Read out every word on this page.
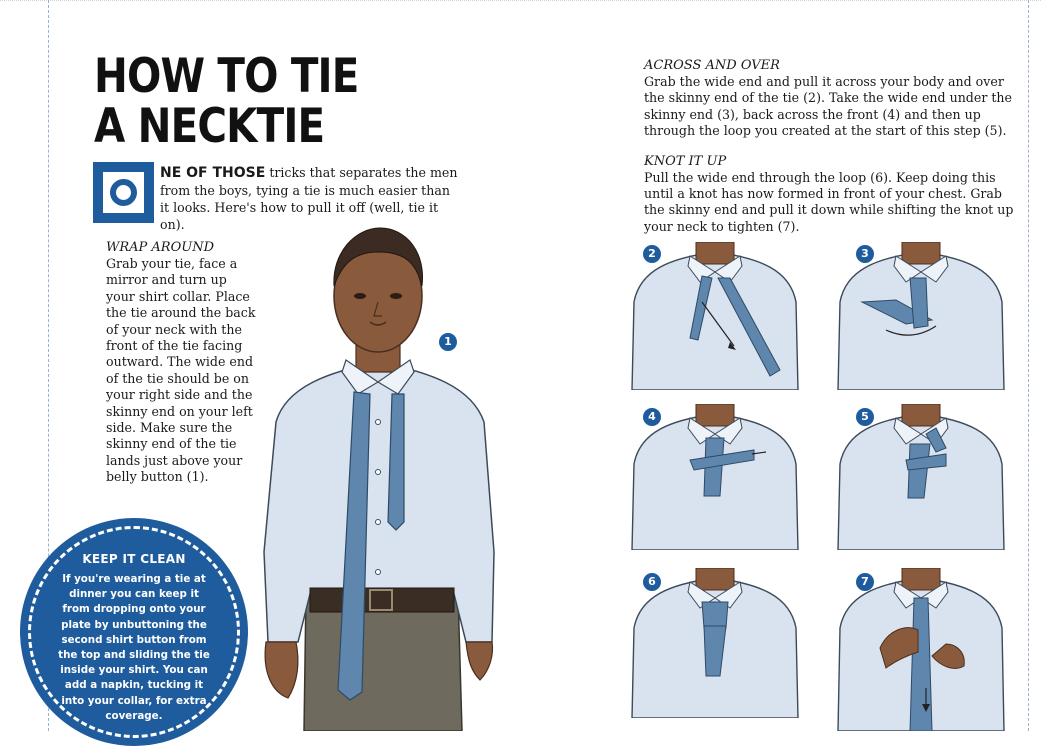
HOW TO TIE
A NECKTIE
NE OF THOSE tricks that separates the men from the boys, tying a tie is much easier than it looks. Here's how to pull it off (well, tie it on).

WRAP AROUND

Grab your tie, face a mirror and turn up your shirt collar. Place the tie around the back of your neck with the front of the tie facing outward. The wide end of the tie should be on your right side and the skinny end on your left side. Make sure the skinny end of the tie lands just above your belly button (1).

ACROSS AND OVER

Grab the wide end and pull it across your body and over the skinny end of the tie (2). Take the wide end under the skinny end (3), back across the front (4) and then up through the loop you created at the start of this step (5).

KNOT IT UP

Pull the wide end through the loop (6). Keep doing this until a knot has now formed in front of your chest. Grab the skinny end and pull it down while shifting the knot up your neck to tighten (7).

1
2	3
4	5
6	7
KEEP IT CLEAN
If you're wearing a tie at dinner you can keep it from dropping onto your plate by unbuttoning the second shirt button from the top and sliding the tie inside your shirt. You can add a napkin, tucking it into your collar, for extra coverage.
